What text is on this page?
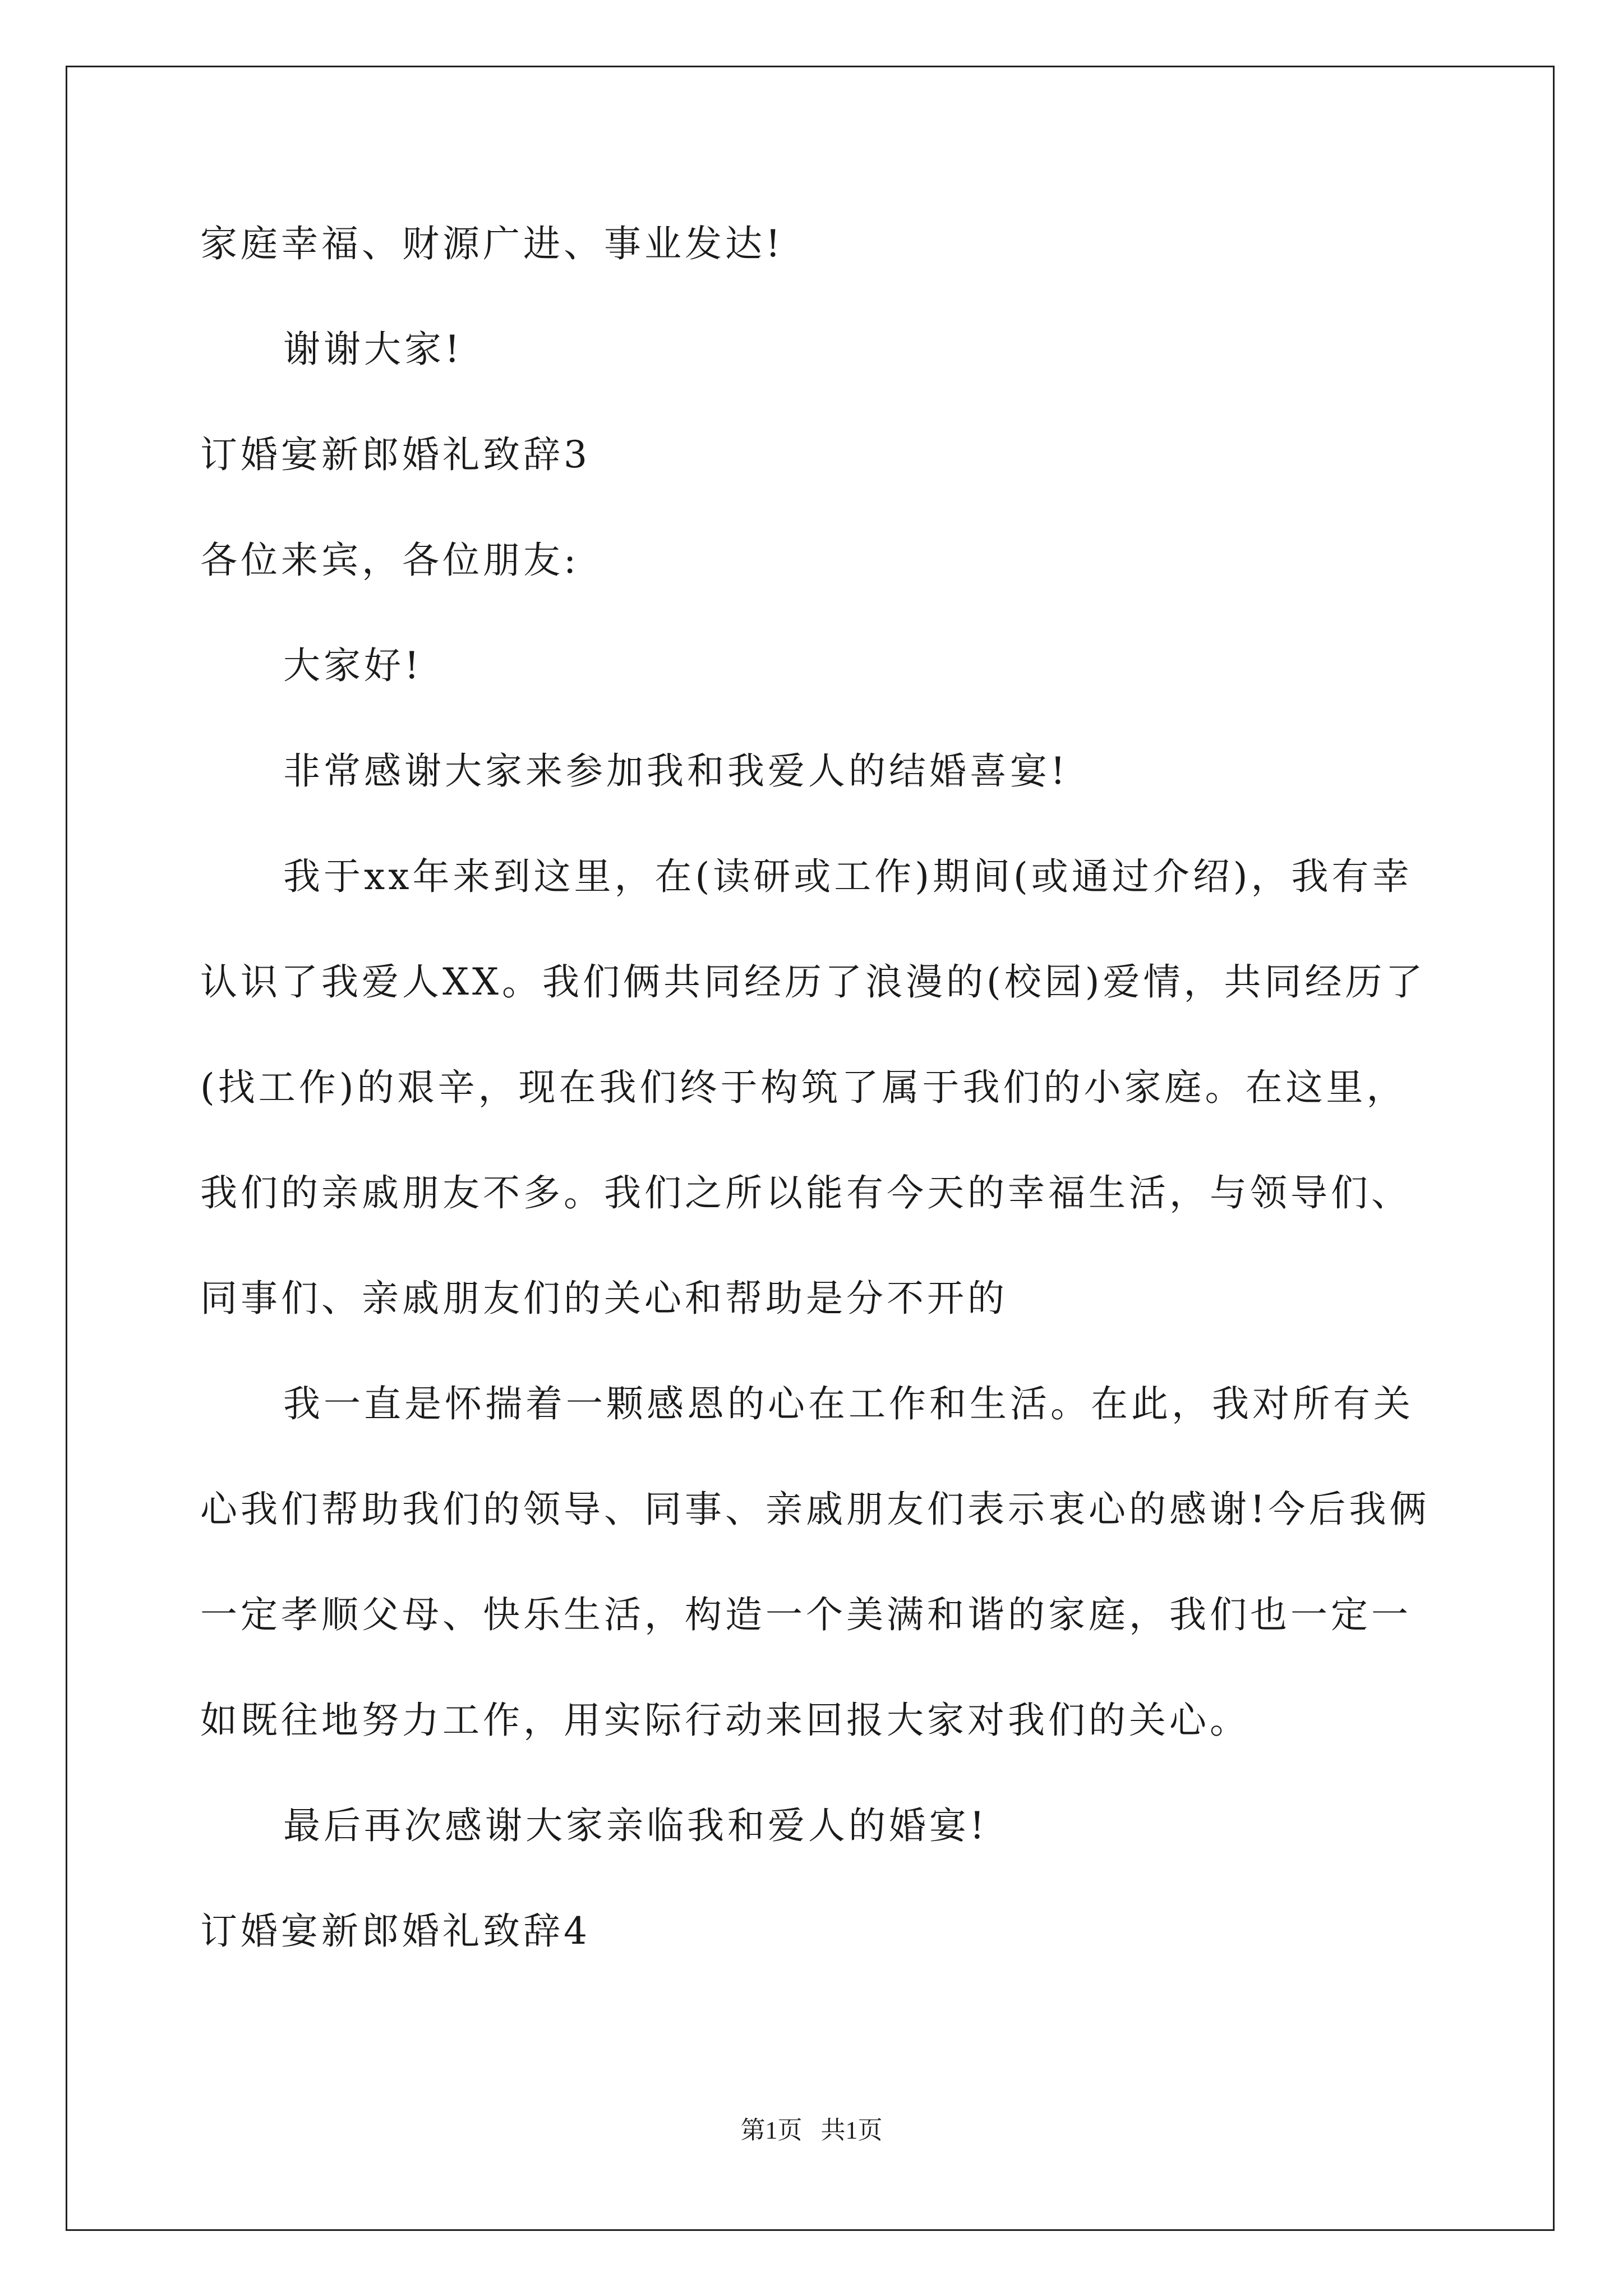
家庭幸福、财源广进、事业发达!
谢谢大家!
订婚宴新郎婚礼致辞3
各位来宾，各位朋友:
大家好!
非常感谢大家来参加我和我爱人的结婚喜宴!
我于xx年来到这里，在(读研或工作)期间(或通过介绍)，我有幸
认识了我爱人XX。我们俩共同经历了浪漫的(校园)爱情，共同经历了
(找工作)的艰辛，现在我们终于构筑了属于我们的小家庭。在这里，
我们的亲戚朋友不多。我们之所以能有今天的幸福生活，与领导们、
同事们、亲戚朋友们的关心和帮助是分不开的
我一直是怀揣着一颗感恩的心在工作和生活。在此，我对所有关
心我们帮助我们的领导、同事、亲戚朋友们表示衷心的感谢!今后我俩
一定孝顺父母、快乐生活，构造一个美满和谐的家庭，我们也一定一
如既往地努力工作，用实际行动来回报大家对我们的关心。
最后再次感谢大家亲临我和爱人的婚宴!
订婚宴新郎婚礼致辞4
第1页   共1页
